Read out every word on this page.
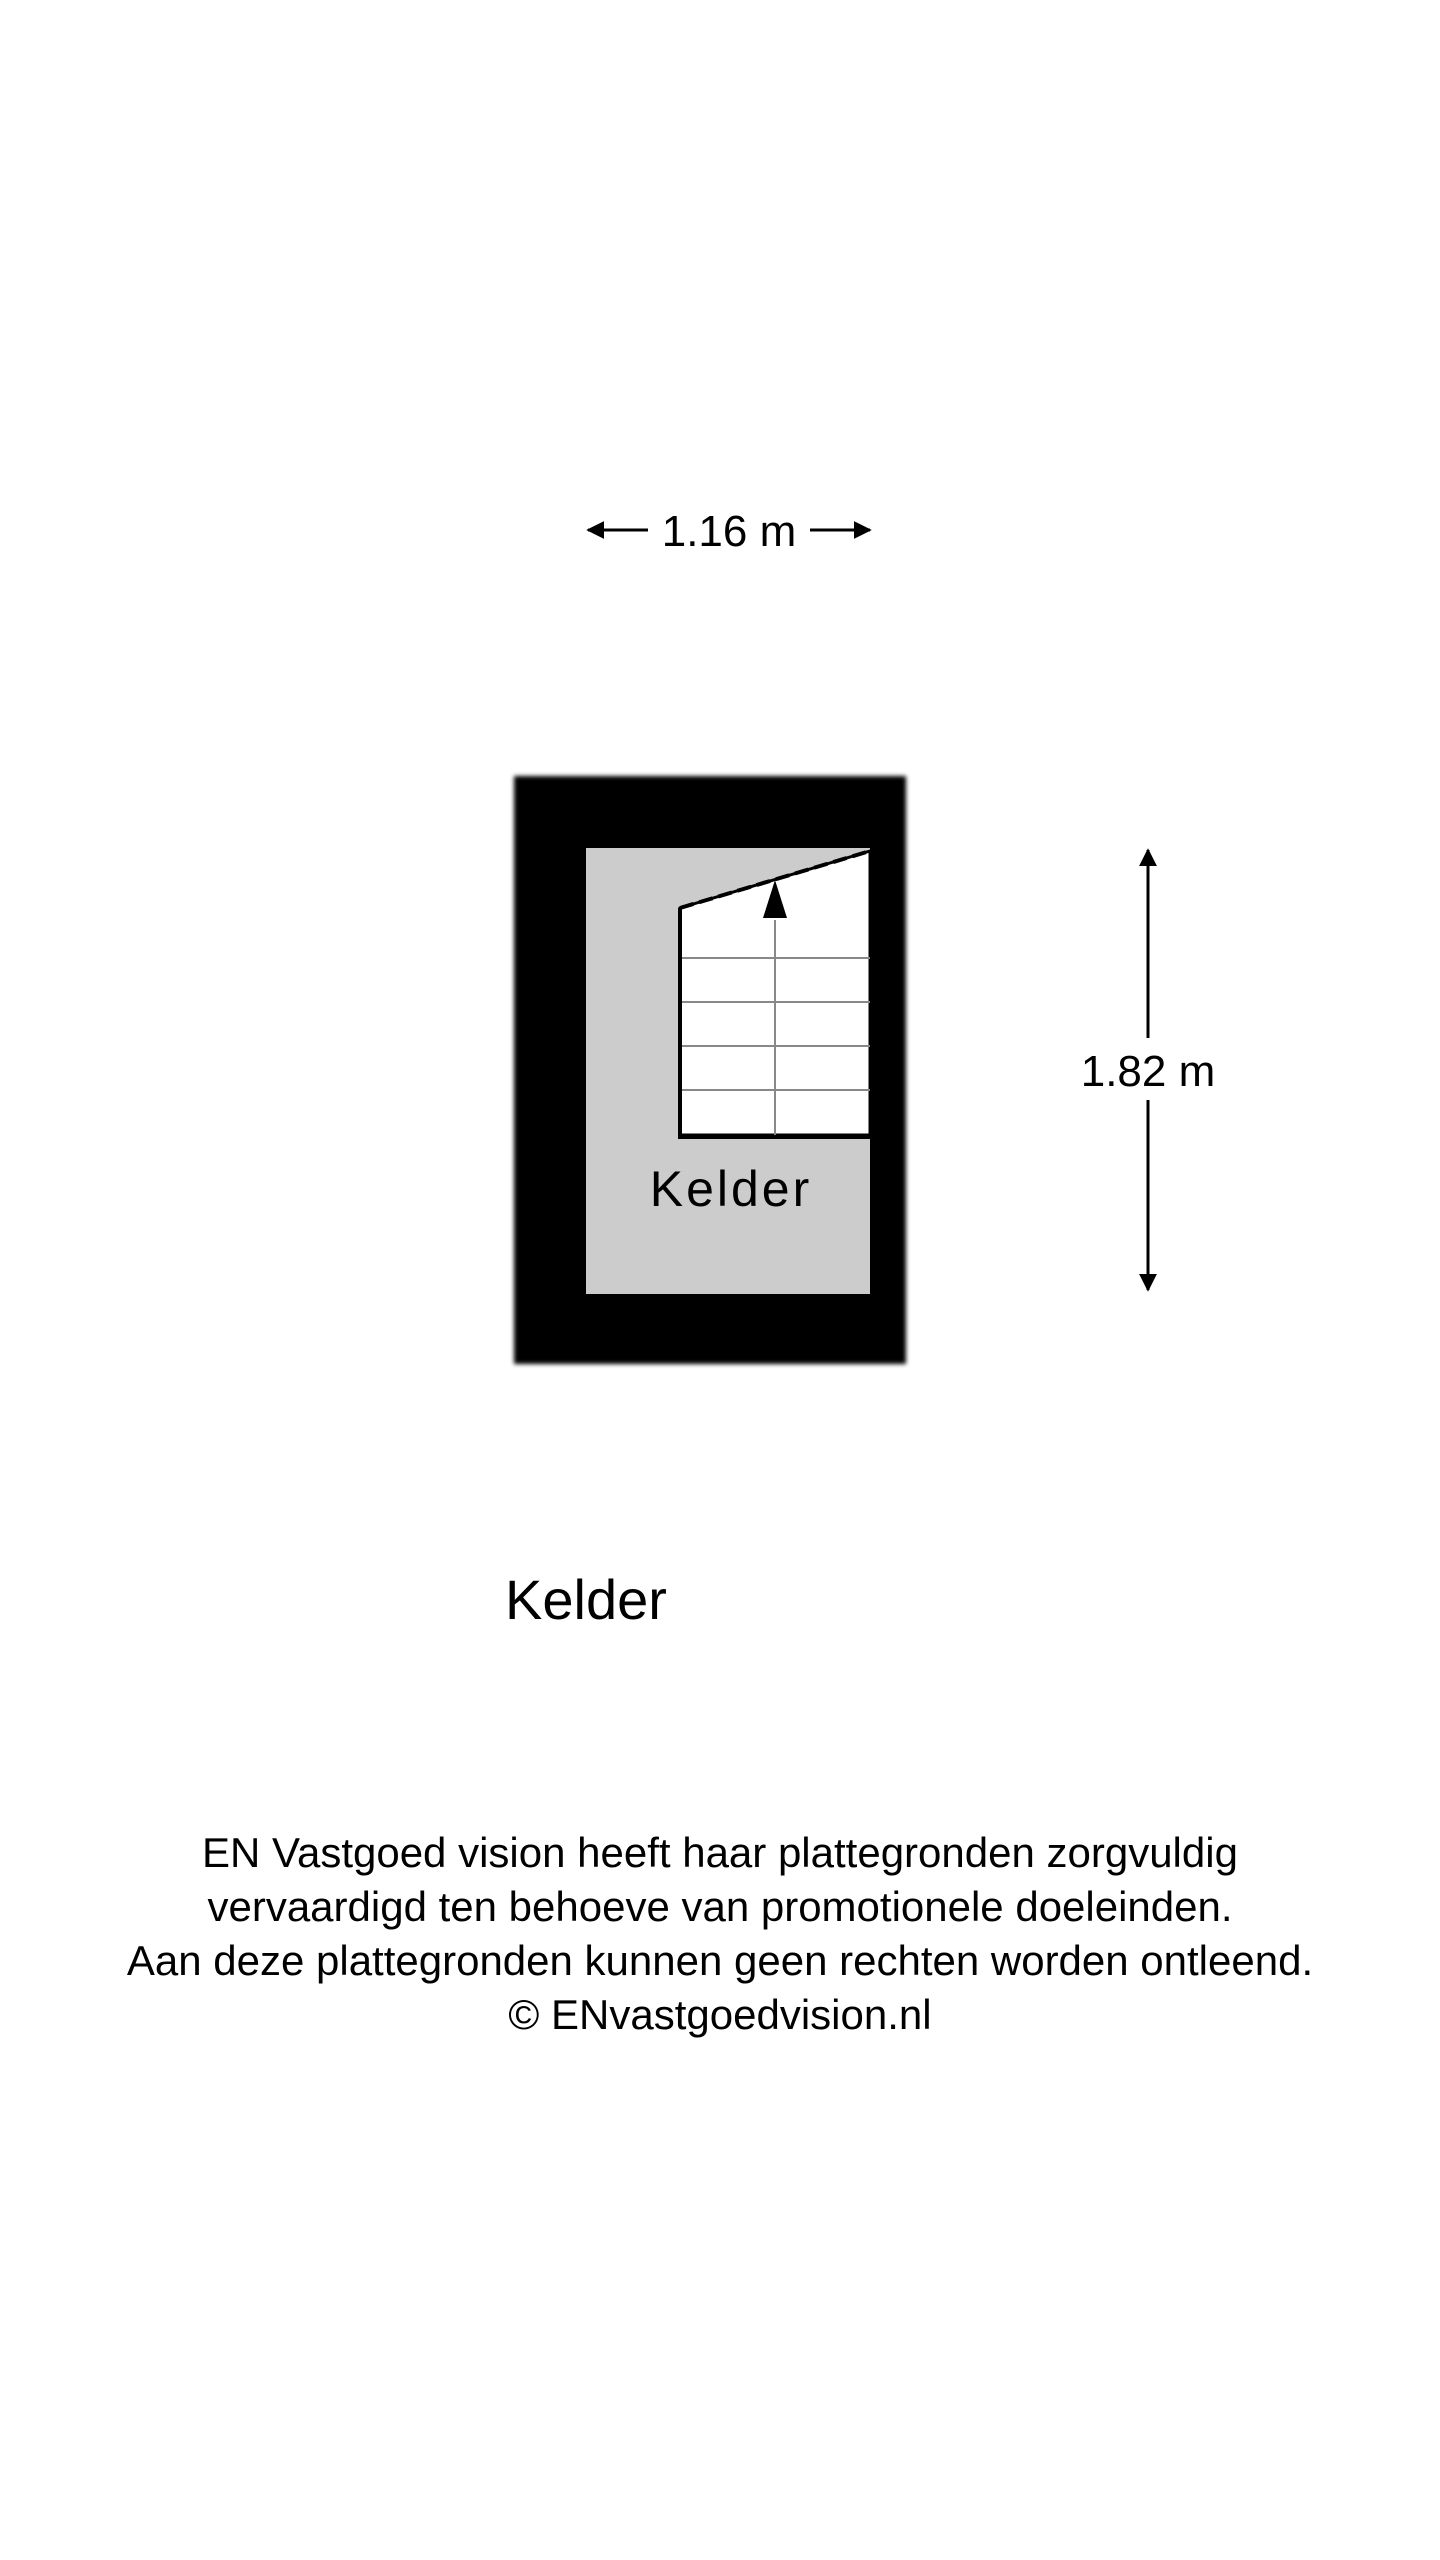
1.16 m
1.82 m
Kelder
Kelder
EN Vastgoed vision heeft haar plattegronden zorgvuldig
vervaardigd ten behoeve van promotionele doeleinden.
Aan deze plattegronden kunnen geen rechten worden ontleend.
© ENvastgoedvision.nl
